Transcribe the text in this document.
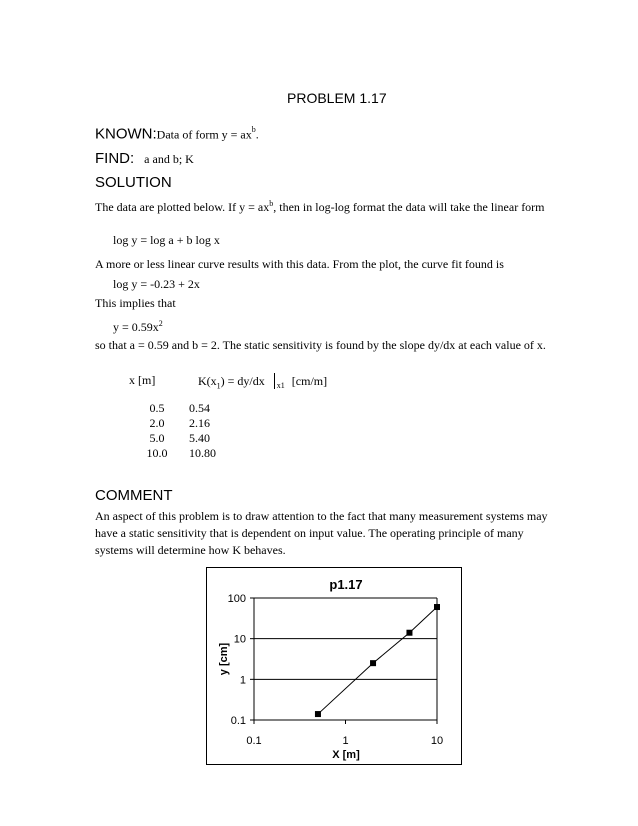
PROBLEM 1.17
KNOWN:Data of form $y = ax^b$.
FIND: a and b; K
SOLUTION
The data are plotted below. If $y = ax^b$, then in log-log format the data will take the linear form
log y = log a + b log x
A more or less linear curve results with this data. From the plot, the curve fit found is
log y = -0.23 + 2x
This implies that
$y = 0.59x^2$
so that a = 0.59 and b = 2. The static sensitivity is found by the slope dy/dx at each value of x.
x [m]	$K(x_1) = dy/dx$ $_{x1}$ [cm/m]
0.5	0.54
2.0	2.16
5.0	5.40
10.0	10.80
COMMENT
An aspect of this problem is to draw attention to the fact that many measurement systems may have a static sensitivity that is dependent on input value. The operating principle of many systems will determine how K behaves.
0.1
1
10
100
0.1	1	10
p1.17
X [m]
y [cm]
